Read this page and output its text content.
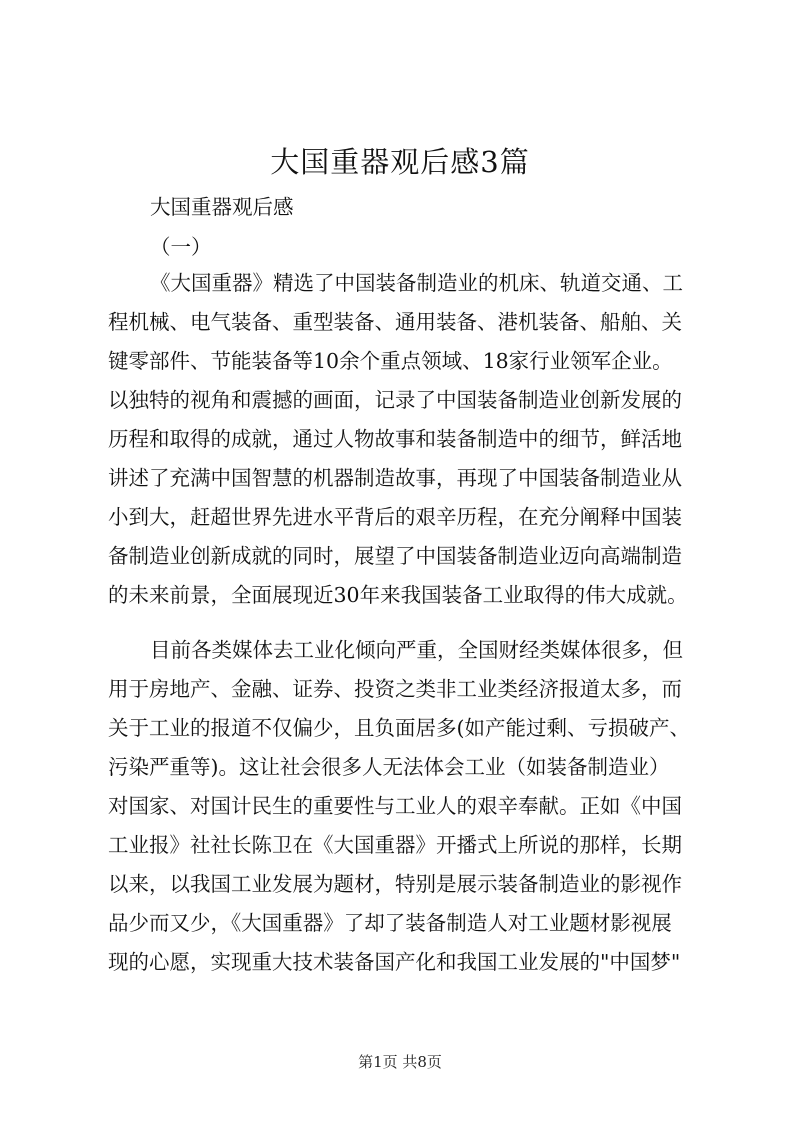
大国重器观后感3篇

大国重器观后感

（一）

《大国重器》精选了中国装备制造业的机床、轨道交通、工

程机械、电气装备、重型装备、通用装备、港机装备、船舶、关

键零部件、节能装备等10余个重点领域、18家行业领军企业。

以独特的视角和震撼的画面，记录了中国装备制造业创新发展的

历程和取得的成就，通过人物故事和装备制造中的细节，鲜活地

讲述了充满中国智慧的机器制造故事，再现了中国装备制造业从

小到大，赶超世界先进水平背后的艰辛历程，在充分阐释中国装

备制造业创新成就的同时，展望了中国装备制造业迈向高端制造

的未来前景，全面展现近30年来我国装备工业取得的伟大成就。

目前各类媒体去工业化倾向严重，全国财经类媒体很多，但

用于房地产、金融、证券、投资之类非工业类经济报道太多，而

关于工业的报道不仅偏少，且负面居多(如产能过剩、亏损破产、

污染严重等)。这让社会很多人无法体会工业（如装备制造业）

对国家、对国计民生的重要性与工业人的艰辛奉献。正如《中国

工业报》社社长陈卫在《大国重器》开播式上所说的那样，长期

以来，以我国工业发展为题材，特别是展示装备制造业的影视作

品少而又少，《大国重器》了却了装备制造人对工业题材影视展

现的心愿，实现重大技术装备国产化和我国工业发展的"中国梦"

第1页 共8页
